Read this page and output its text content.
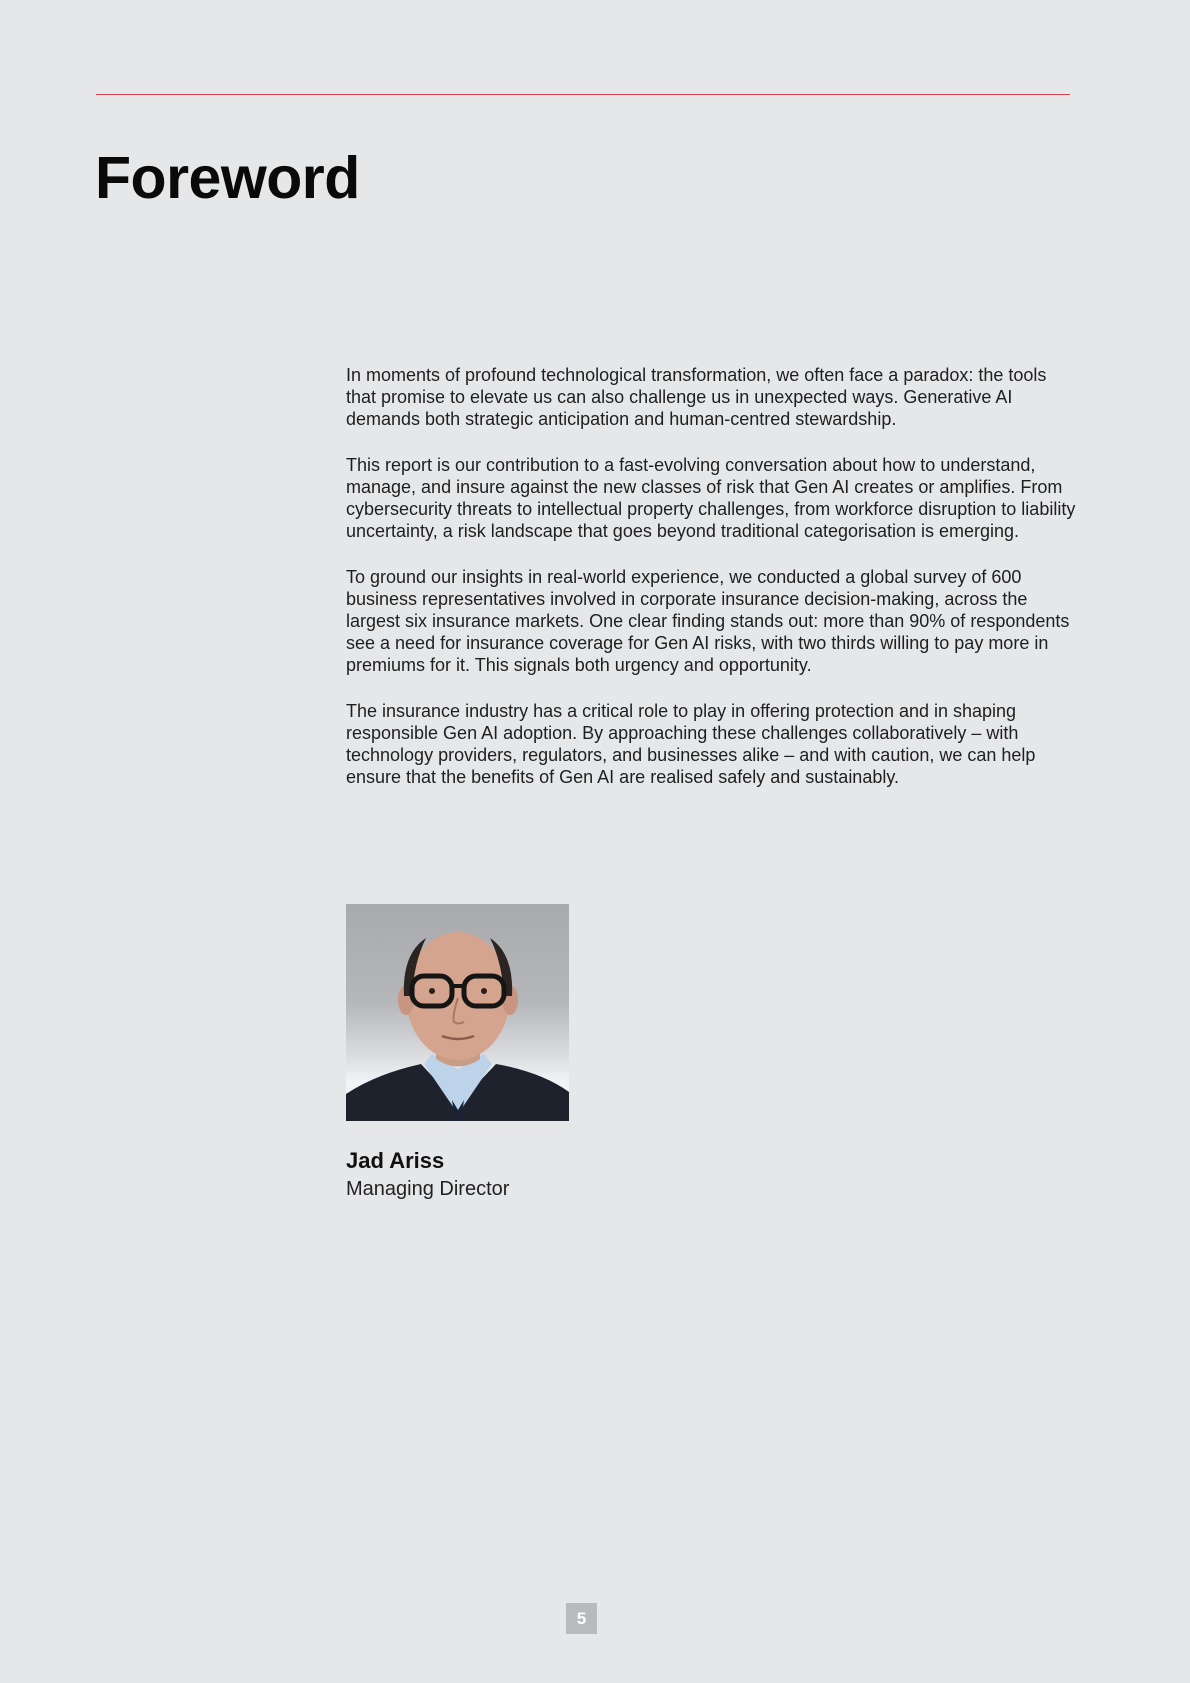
Foreword

In moments of profound technological transformation, we often face a paradox: the tools that promise to elevate us can also challenge us in unexpected ways. Generative AI demands both strategic anticipation and human-centred stewardship.

This report is our contribution to a fast-evolving conversation about how to understand, manage, and insure against the new classes of risk that Gen AI creates or amplifies. From cybersecurity threats to intellectual property challenges, from workforce disruption to liability uncertainty, a risk landscape that goes beyond traditional categorisation is emerging.

To ground our insights in real-world experience, we conducted a global survey of 600 business representatives involved in corporate insurance decision-making, across the largest six insurance markets. One clear finding stands out: more than 90% of respondents see a need for insurance coverage for Gen AI risks, with two thirds willing to pay more in premiums for it. This signals both urgency and opportunity.

The insurance industry has a critical role to play in offering protection and in shaping responsible Gen AI adoption. By approaching these challenges collaboratively – with technology providers, regulators, and businesses alike – and with caution, we can help ensure that the benefits of Gen AI are realised safely and sustainably.

Jad Ariss
Managing Director
5
